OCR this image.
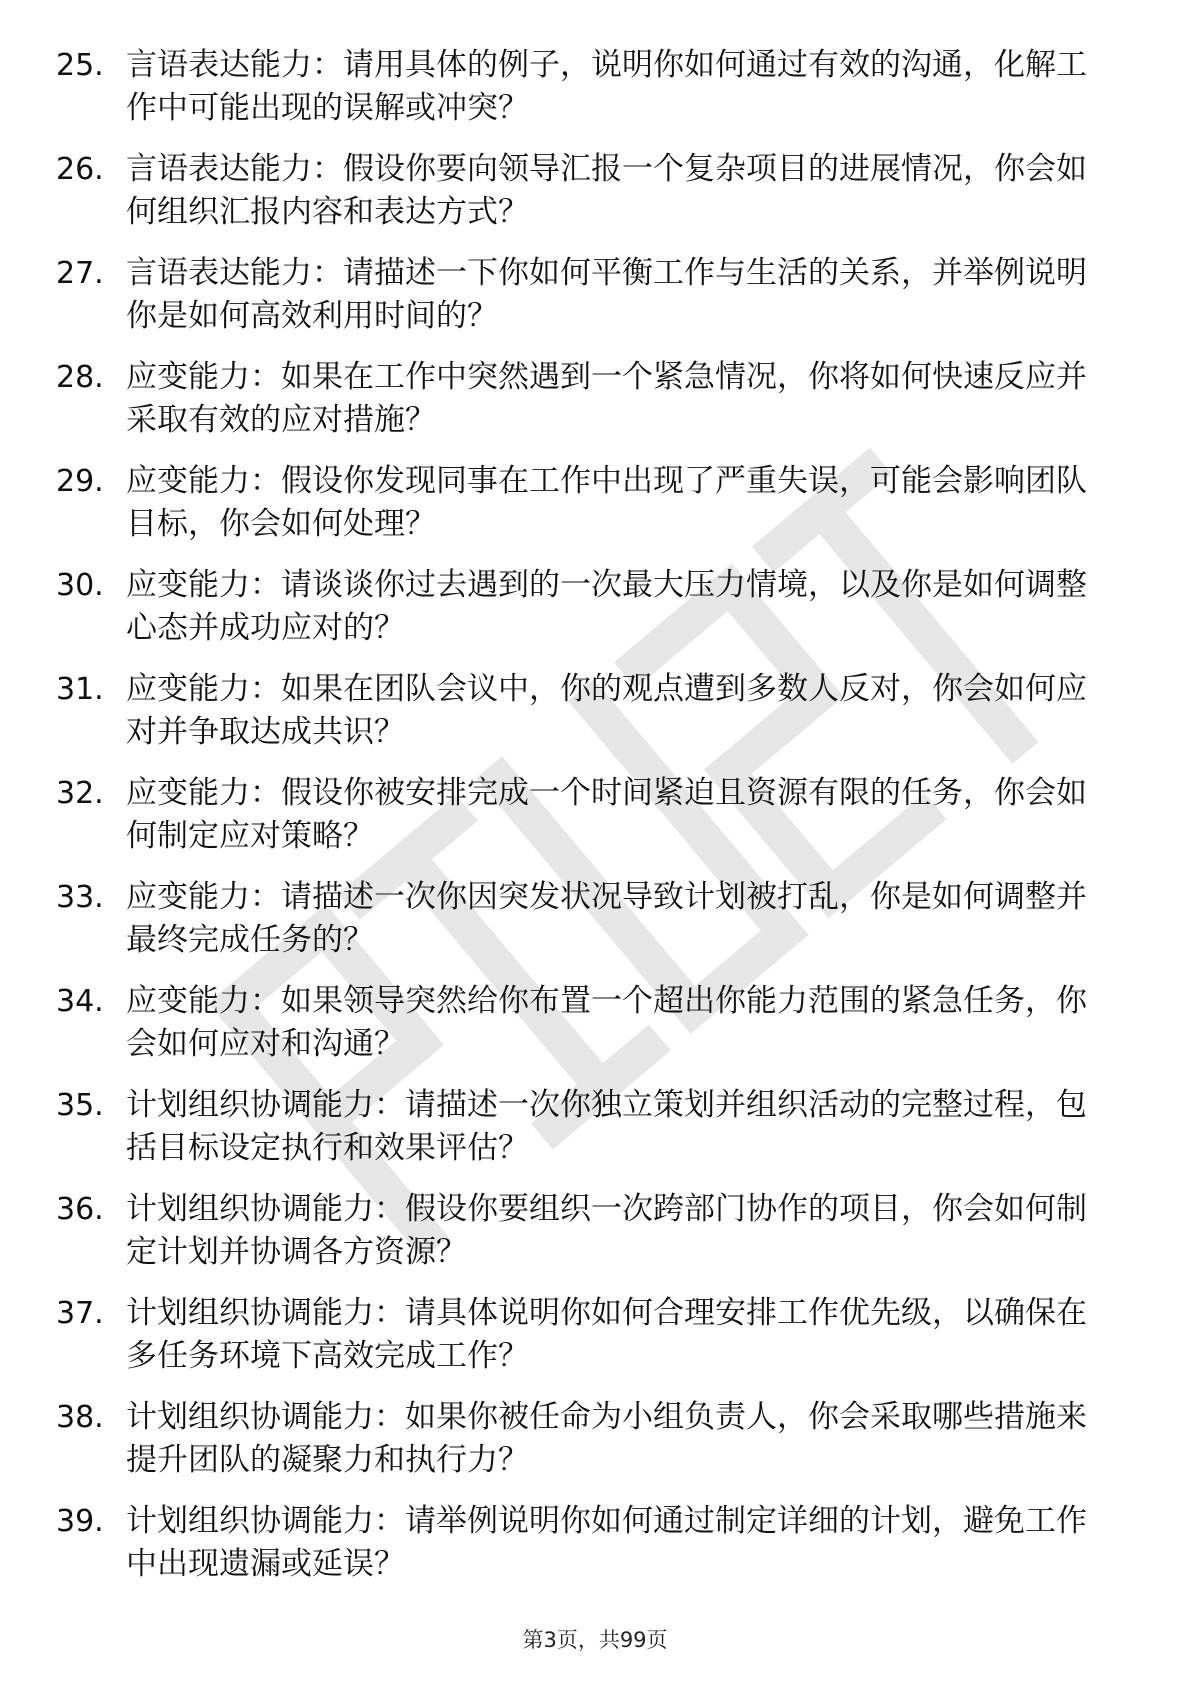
25. 言语表达能力：请用具体的例子，说明你如何通过有效的沟通，化解工作中可能出现的误解或冲突？
26. 言语表达能力：假设你要向领导汇报一个复杂项目的进展情况，你会如何组织汇报内容和表达方式？
27. 言语表达能力：请描述一下你如何平衡工作与生活的关系，并举例说明你是如何高效利用时间的？
28. 应变能力：如果在工作中突然遇到一个紧急情况，你将如何快速反应并采取有效的应对措施？
29. 应变能力：假设你发现同事在工作中出现了严重失误，可能会影响团队目标，你会如何处理？
30. 应变能力：请谈谈你过去遇到的一次最大压力情境，以及你是如何调整心态并成功应对的？
31. 应变能力：如果在团队会议中，你的观点遭到多数人反对，你会如何应对并争取达成共识？
32. 应变能力：假设你被安排完成一个时间紧迫且资源有限的任务，你会如何制定应对策略？
33. 应变能力：请描述一次你因突发状况导致计划被打乱，你是如何调整并最终完成任务的？
34. 应变能力：如果领导突然给你布置一个超出你能力范围的紧急任务，你会如何应对和沟通？
35. 计划组织协调能力：请描述一次你独立策划并组织活动的完整过程，包括目标设定执行和效果评估？
36. 计划组织协调能力：假设你要组织一次跨部门协作的项目，你会如何制定计划并协调各方资源？
37. 计划组织协调能力：请具体说明你如何合理安排工作优先级，以确保在多任务环境下高效完成工作？
38. 计划组织协调能力：如果你被任命为小组负责人，你会采取哪些措施来提升团队的凝聚力和执行力？
39. 计划组织协调能力：请举例说明你如何通过制定详细的计划，避免工作中出现遗漏或延误？
第3页，共99页
